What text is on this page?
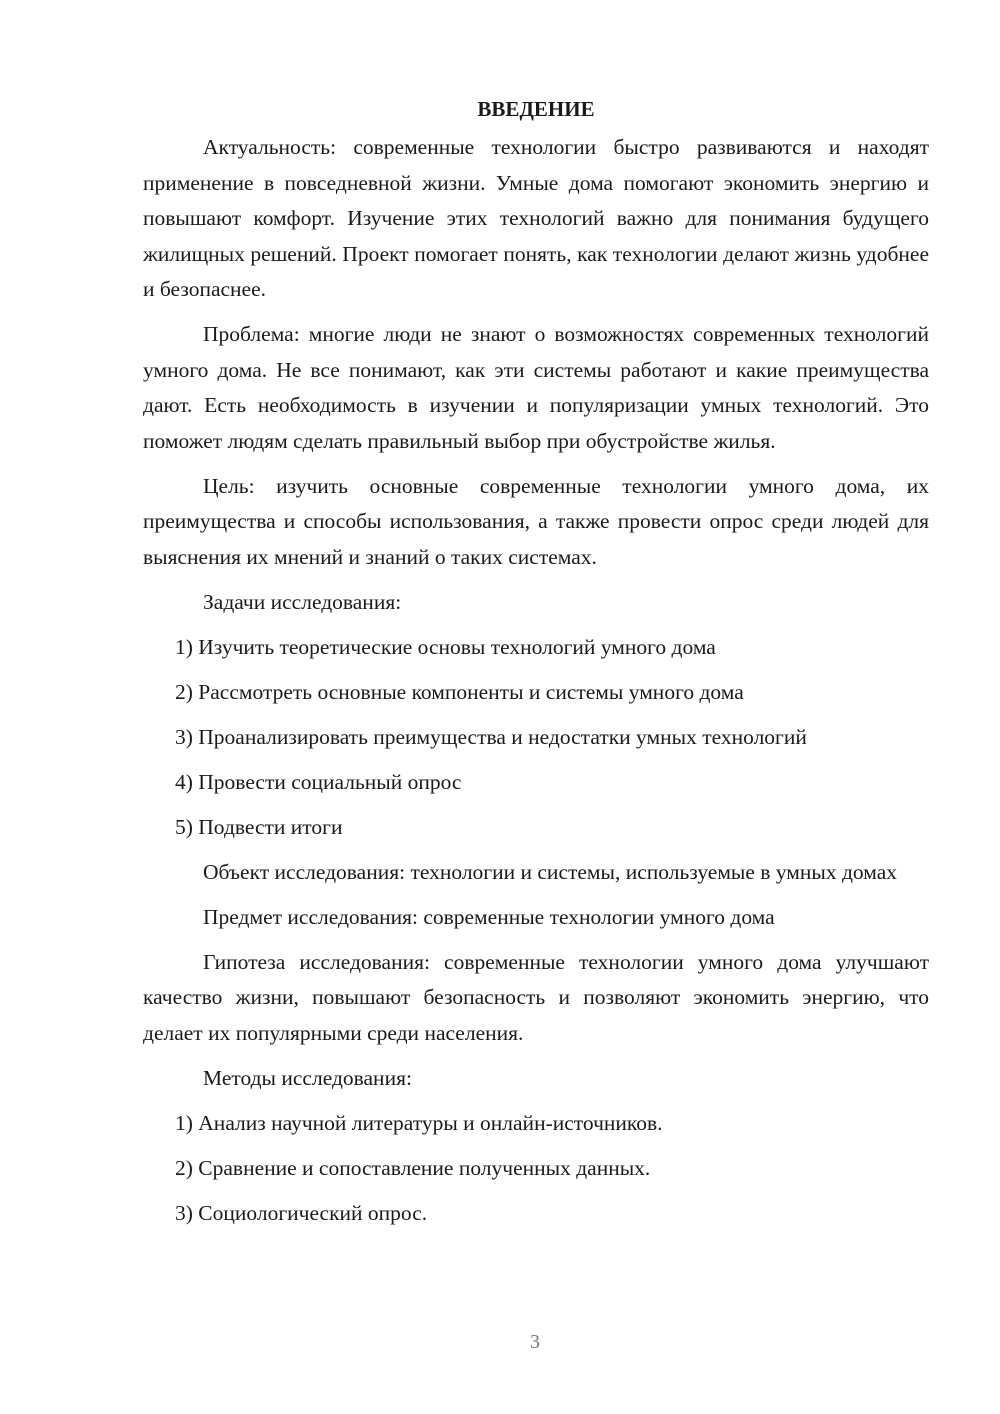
ВВЕДЕНИЕ

Актуальность: современные технологии быстро развиваются и находят применение в повседневной жизни. Умные дома помогают экономить энергию и повышают комфорт. Изучение этих технологий важно для понимания будущего жилищных решений. Проект помогает понять, как технологии делают жизнь удобнее и безопаснее.

Проблема: многие люди не знают о возможностях современных технологий умного дома. Не все понимают, как эти системы работают и какие преимущества дают. Есть необходимость в изучении и популяризации умных технологий. Это поможет людям сделать правильный выбор при обустройстве жилья.

Цель: изучить основные современные технологии умного дома, их преимущества и способы использования, а также провести опрос среди людей для выяснения их мнений и знаний о таких системах.

Задачи исследования:

1) Изучить теоретические основы технологий умного дома

2) Рассмотреть основные компоненты и системы умного дома

3) Проанализировать преимущества и недостатки умных технологий

4) Провести социальный опрос

5) Подвести итоги

Объект исследования: технологии и системы, используемые в умных домах

Предмет исследования: современные технологии умного дома

Гипотеза исследования: современные технологии умного дома улучшают качество жизни, повышают безопасность и позволяют экономить энергию, что делает их популярными среди населения.

Методы исследования:

1) Анализ научной литературы и онлайн-источников.

2) Сравнение и сопоставление полученных данных.

3) Социологический опрос.

3
